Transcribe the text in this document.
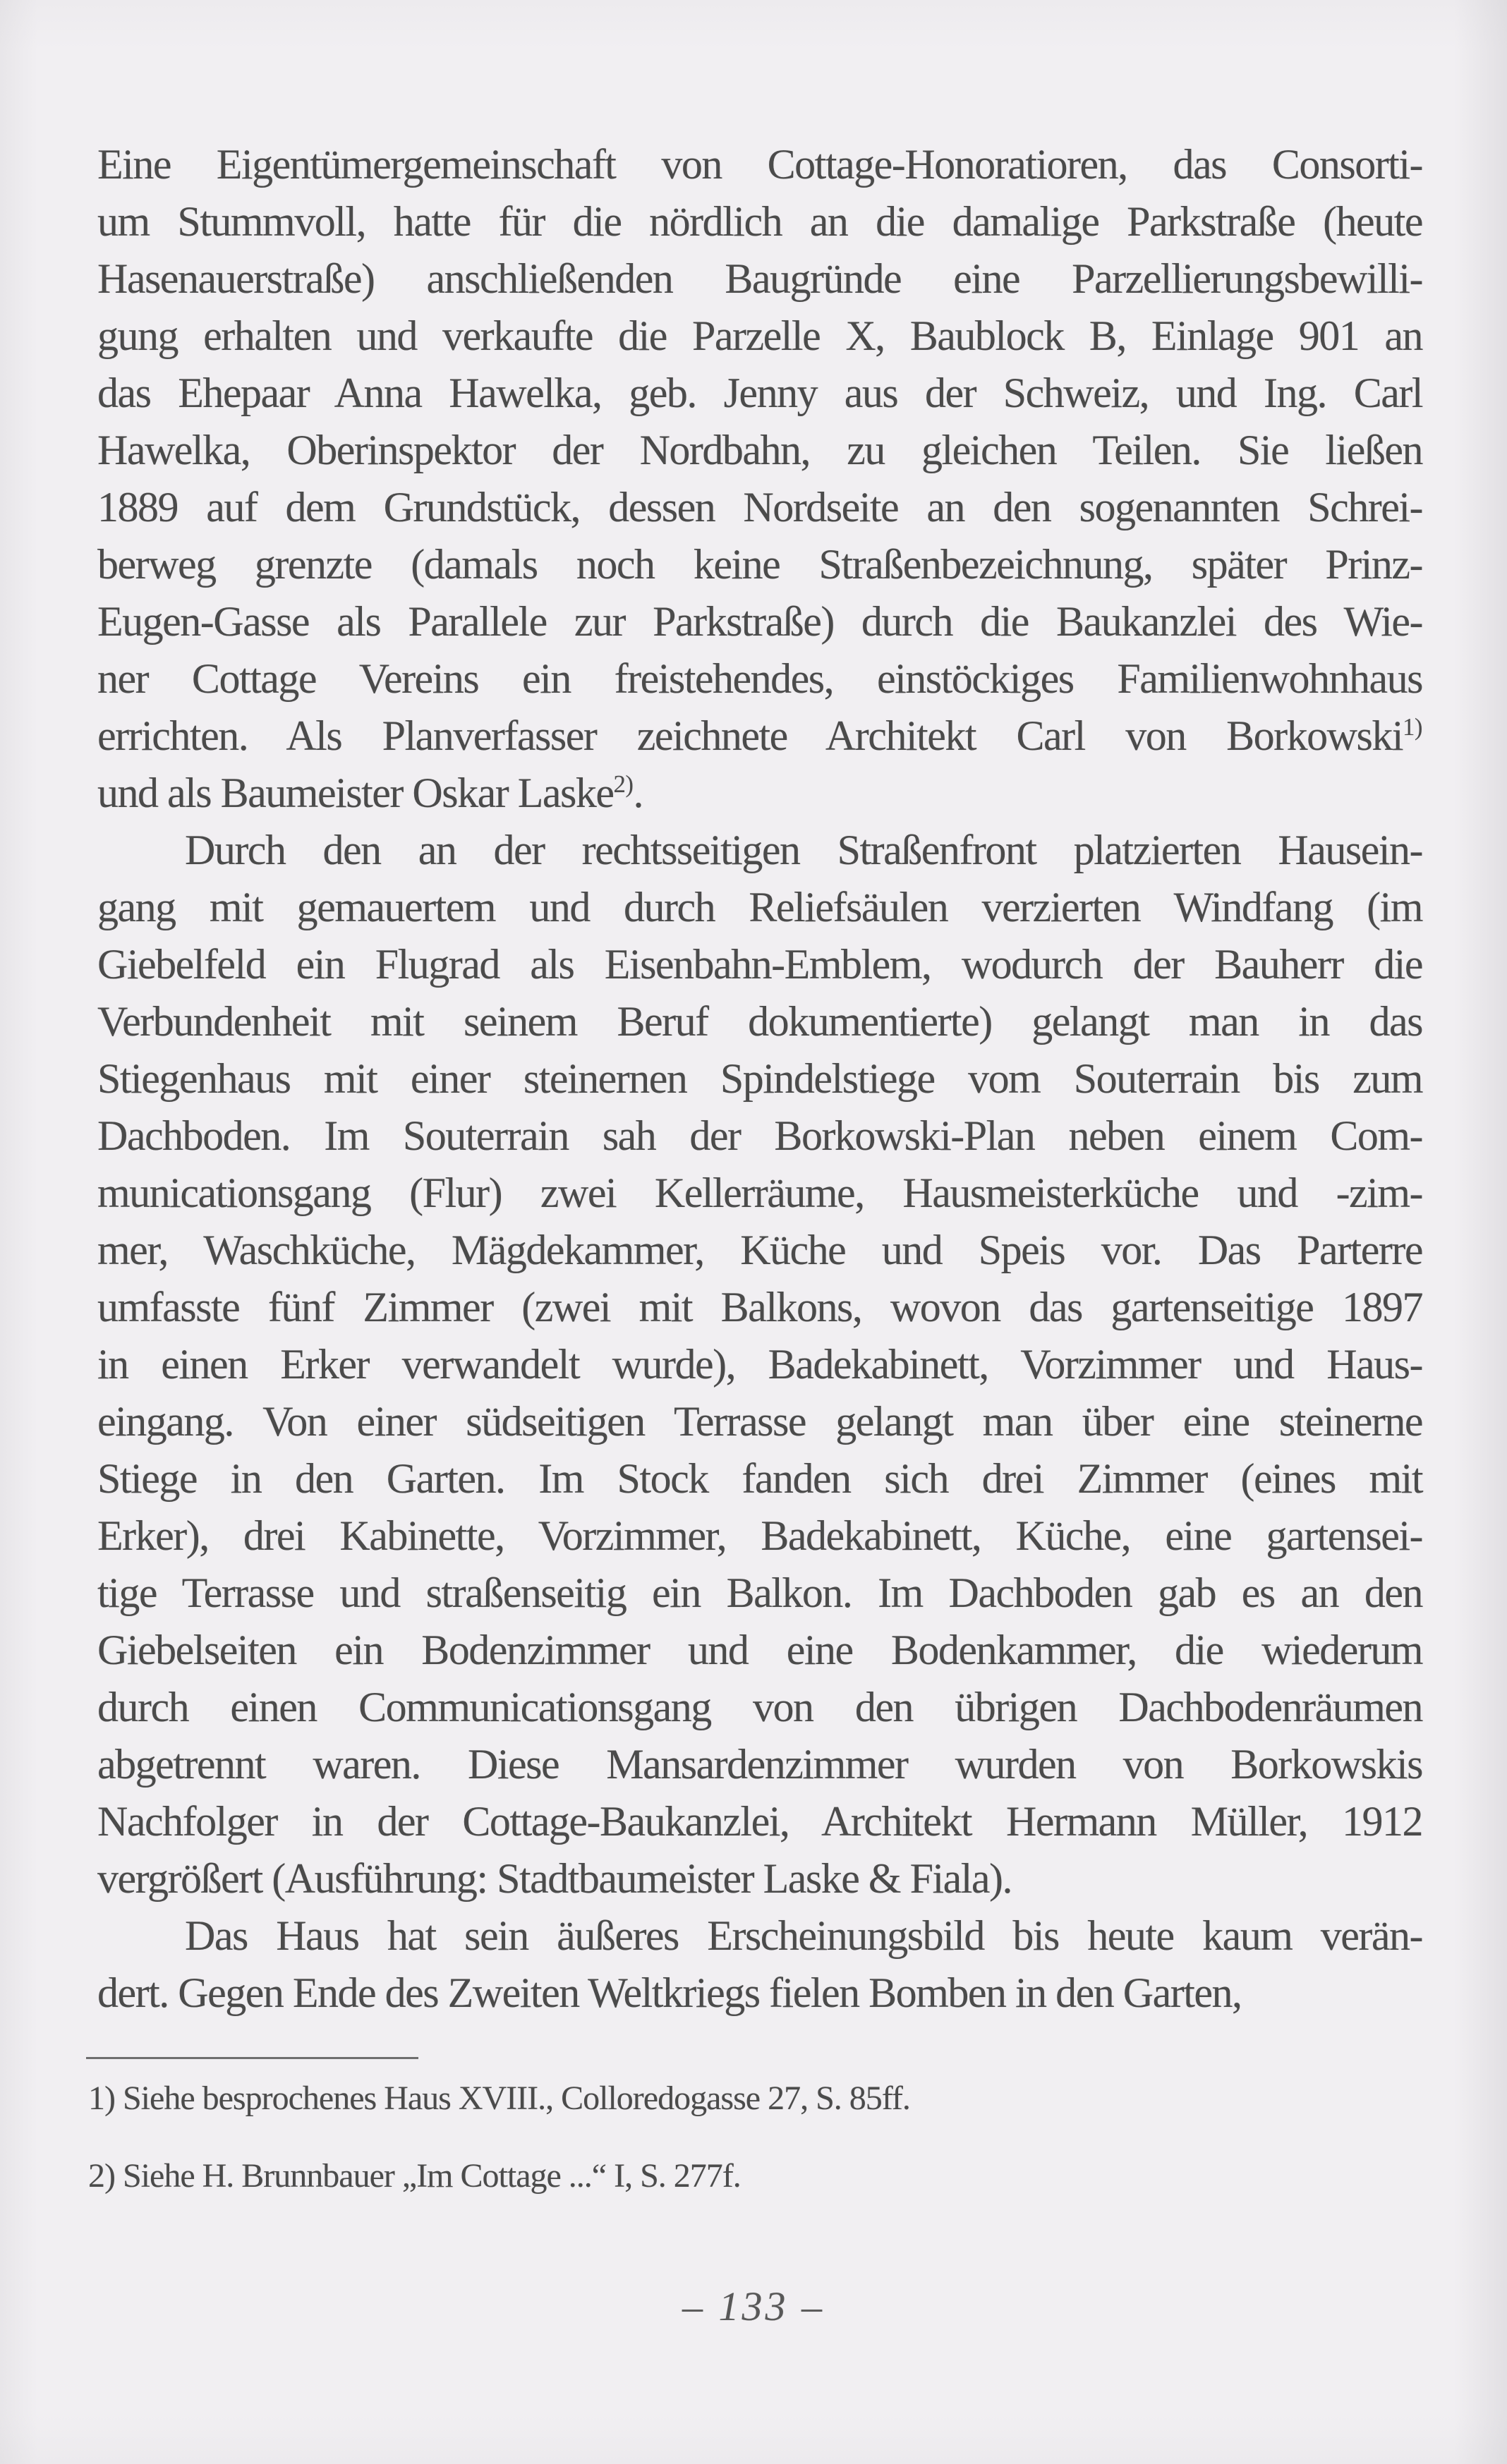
Eine Eigentümergemeinschaft von Cottage-Honoratioren, das Consorti-
um Stummvoll, hatte für die nördlich an die damalige Parkstraße (heute
Hasenauerstraße) anschließenden Baugründe eine Parzellierungsbewilli-
gung erhalten und verkaufte die Parzelle X, Baublock B, Einlage 901 an
das Ehepaar Anna Hawelka, geb. Jenny aus der Schweiz, und Ing. Carl
Hawelka, Oberinspektor der Nordbahn, zu gleichen Teilen. Sie ließen
1889 auf dem Grundstück, dessen Nordseite an den sogenannten Schrei-
berweg grenzte (damals noch keine Straßenbezeichnung, später Prinz-
Eugen-Gasse als Parallele zur Parkstraße) durch die Baukanzlei des Wie-
ner Cottage Vereins ein freistehendes, einstöckiges Familienwohnhaus
errichten. Als Planverfasser zeichnete Architekt Carl von Borkowski$^{1)}$
und als Baumeister Oskar Laske$^{2)}$.
Durch den an der rechtsseitigen Straßenfront platzierten Hausein-
gang mit gemauertem und durch Reliefsäulen verzierten Windfang (im
Giebelfeld ein Flugrad als Eisenbahn-Emblem, wodurch der Bauherr die
Verbundenheit mit seinem Beruf dokumentierte) gelangt man in das
Stiegenhaus mit einer steinernen Spindelstiege vom Souterrain bis zum
Dachboden. Im Souterrain sah der Borkowski-Plan neben einem Com-
municationsgang (Flur) zwei Kellerräume, Hausmeisterküche und -zim-
mer, Waschküche, Mägdekammer, Küche und Speis vor. Das Parterre
umfasste fünf Zimmer (zwei mit Balkons, wovon das gartenseitige 1897
in einen Erker verwandelt wurde), Badekabinett, Vorzimmer und Haus-
eingang. Von einer südseitigen Terrasse gelangt man über eine steinerne
Stiege in den Garten. Im Stock fanden sich drei Zimmer (eines mit
Erker), drei Kabinette, Vorzimmer, Badekabinett, Küche, eine gartensei-
tige Terrasse und straßenseitig ein Balkon. Im Dachboden gab es an den
Giebelseiten ein Bodenzimmer und eine Bodenkammer, die wiederum
durch einen Communicationsgang von den übrigen Dachbodenräumen
abgetrennt waren. Diese Mansardenzimmer wurden von Borkowskis
Nachfolger in der Cottage-Baukanzlei, Architekt Hermann Müller, 1912
vergrößert (Ausführung: Stadtbaumeister Laske & Fiala).
Das Haus hat sein äußeres Erscheinungsbild bis heute kaum verän-
dert. Gegen Ende des Zweiten Weltkriegs fielen Bomben in den Garten,
1) Siehe besprochenes Haus XVIII., Colloredogasse 27, S. 85ff.
2) Siehe H. Brunnbauer „Im Cottage ...“ I, S. 277f.
– 133 –
